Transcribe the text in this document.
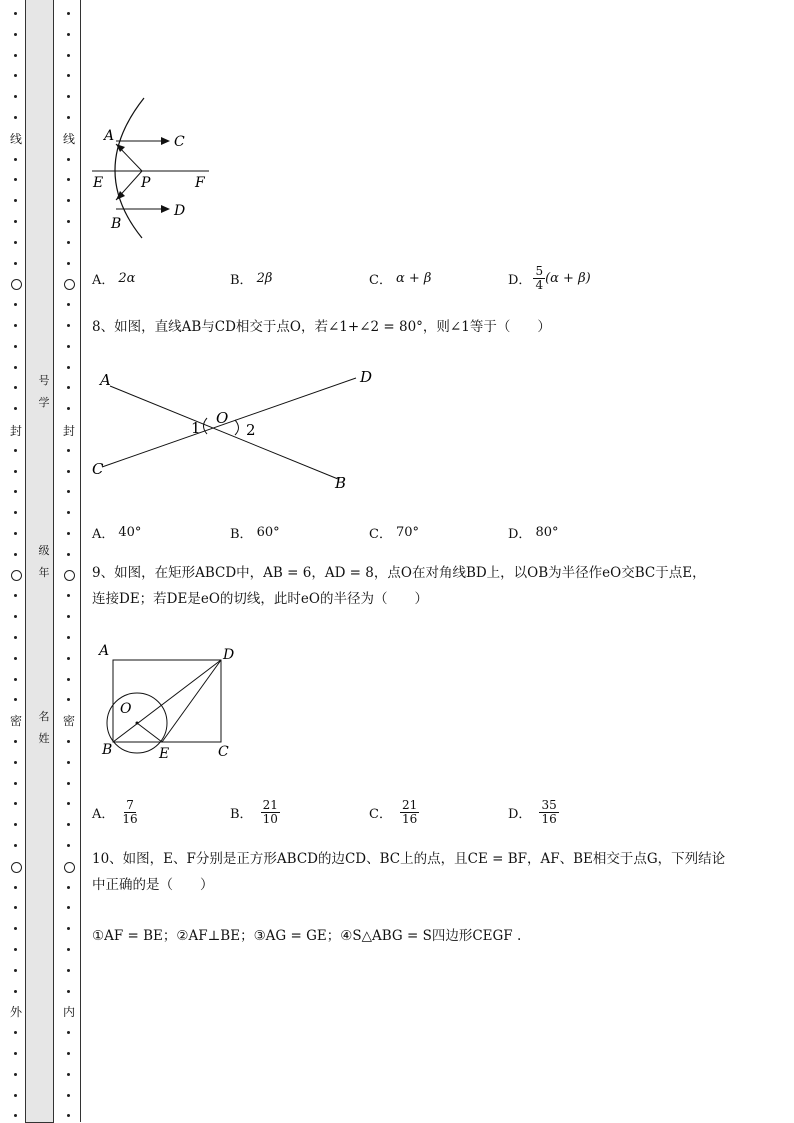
线
封
密
外
线
封
密
内
号
学
级
年
名
姓
A	C
E	P	F
D
B
A． 2α	B． 2β	C． α + β	D． $\frac{5}{4} (\alpha + \beta)$
8、如图，直线AB与CD相交于点O，若∠1+∠2 = 80°，则∠1等于（　　）
A	D
O
1	2
C
B
A． 40°	B． 60°	C． 70°	D． 80°
9、如图，在矩形ABCD中，AB = 6，AD = 8，点O在对角线BD上，以OB为半径作eO交BC于点E，
连接DE；若DE是eO的切线，此时eO的半径为（　　）
A	D
O
B	E	C
A． $\frac{7}{16}$	B． $\frac{21}{10}$	C． $\frac{21}{16}$	D． $\frac{35}{16}$
10、如图，E、F分别是正方形ABCD的边CD、BC上的点，且CE = BF，AF、BE相交于点G，下列结论
中正确的是（　　）
①AF = BE；②AF⊥BE；③AG = GE；④S△ABG = S四边形CEGF .
